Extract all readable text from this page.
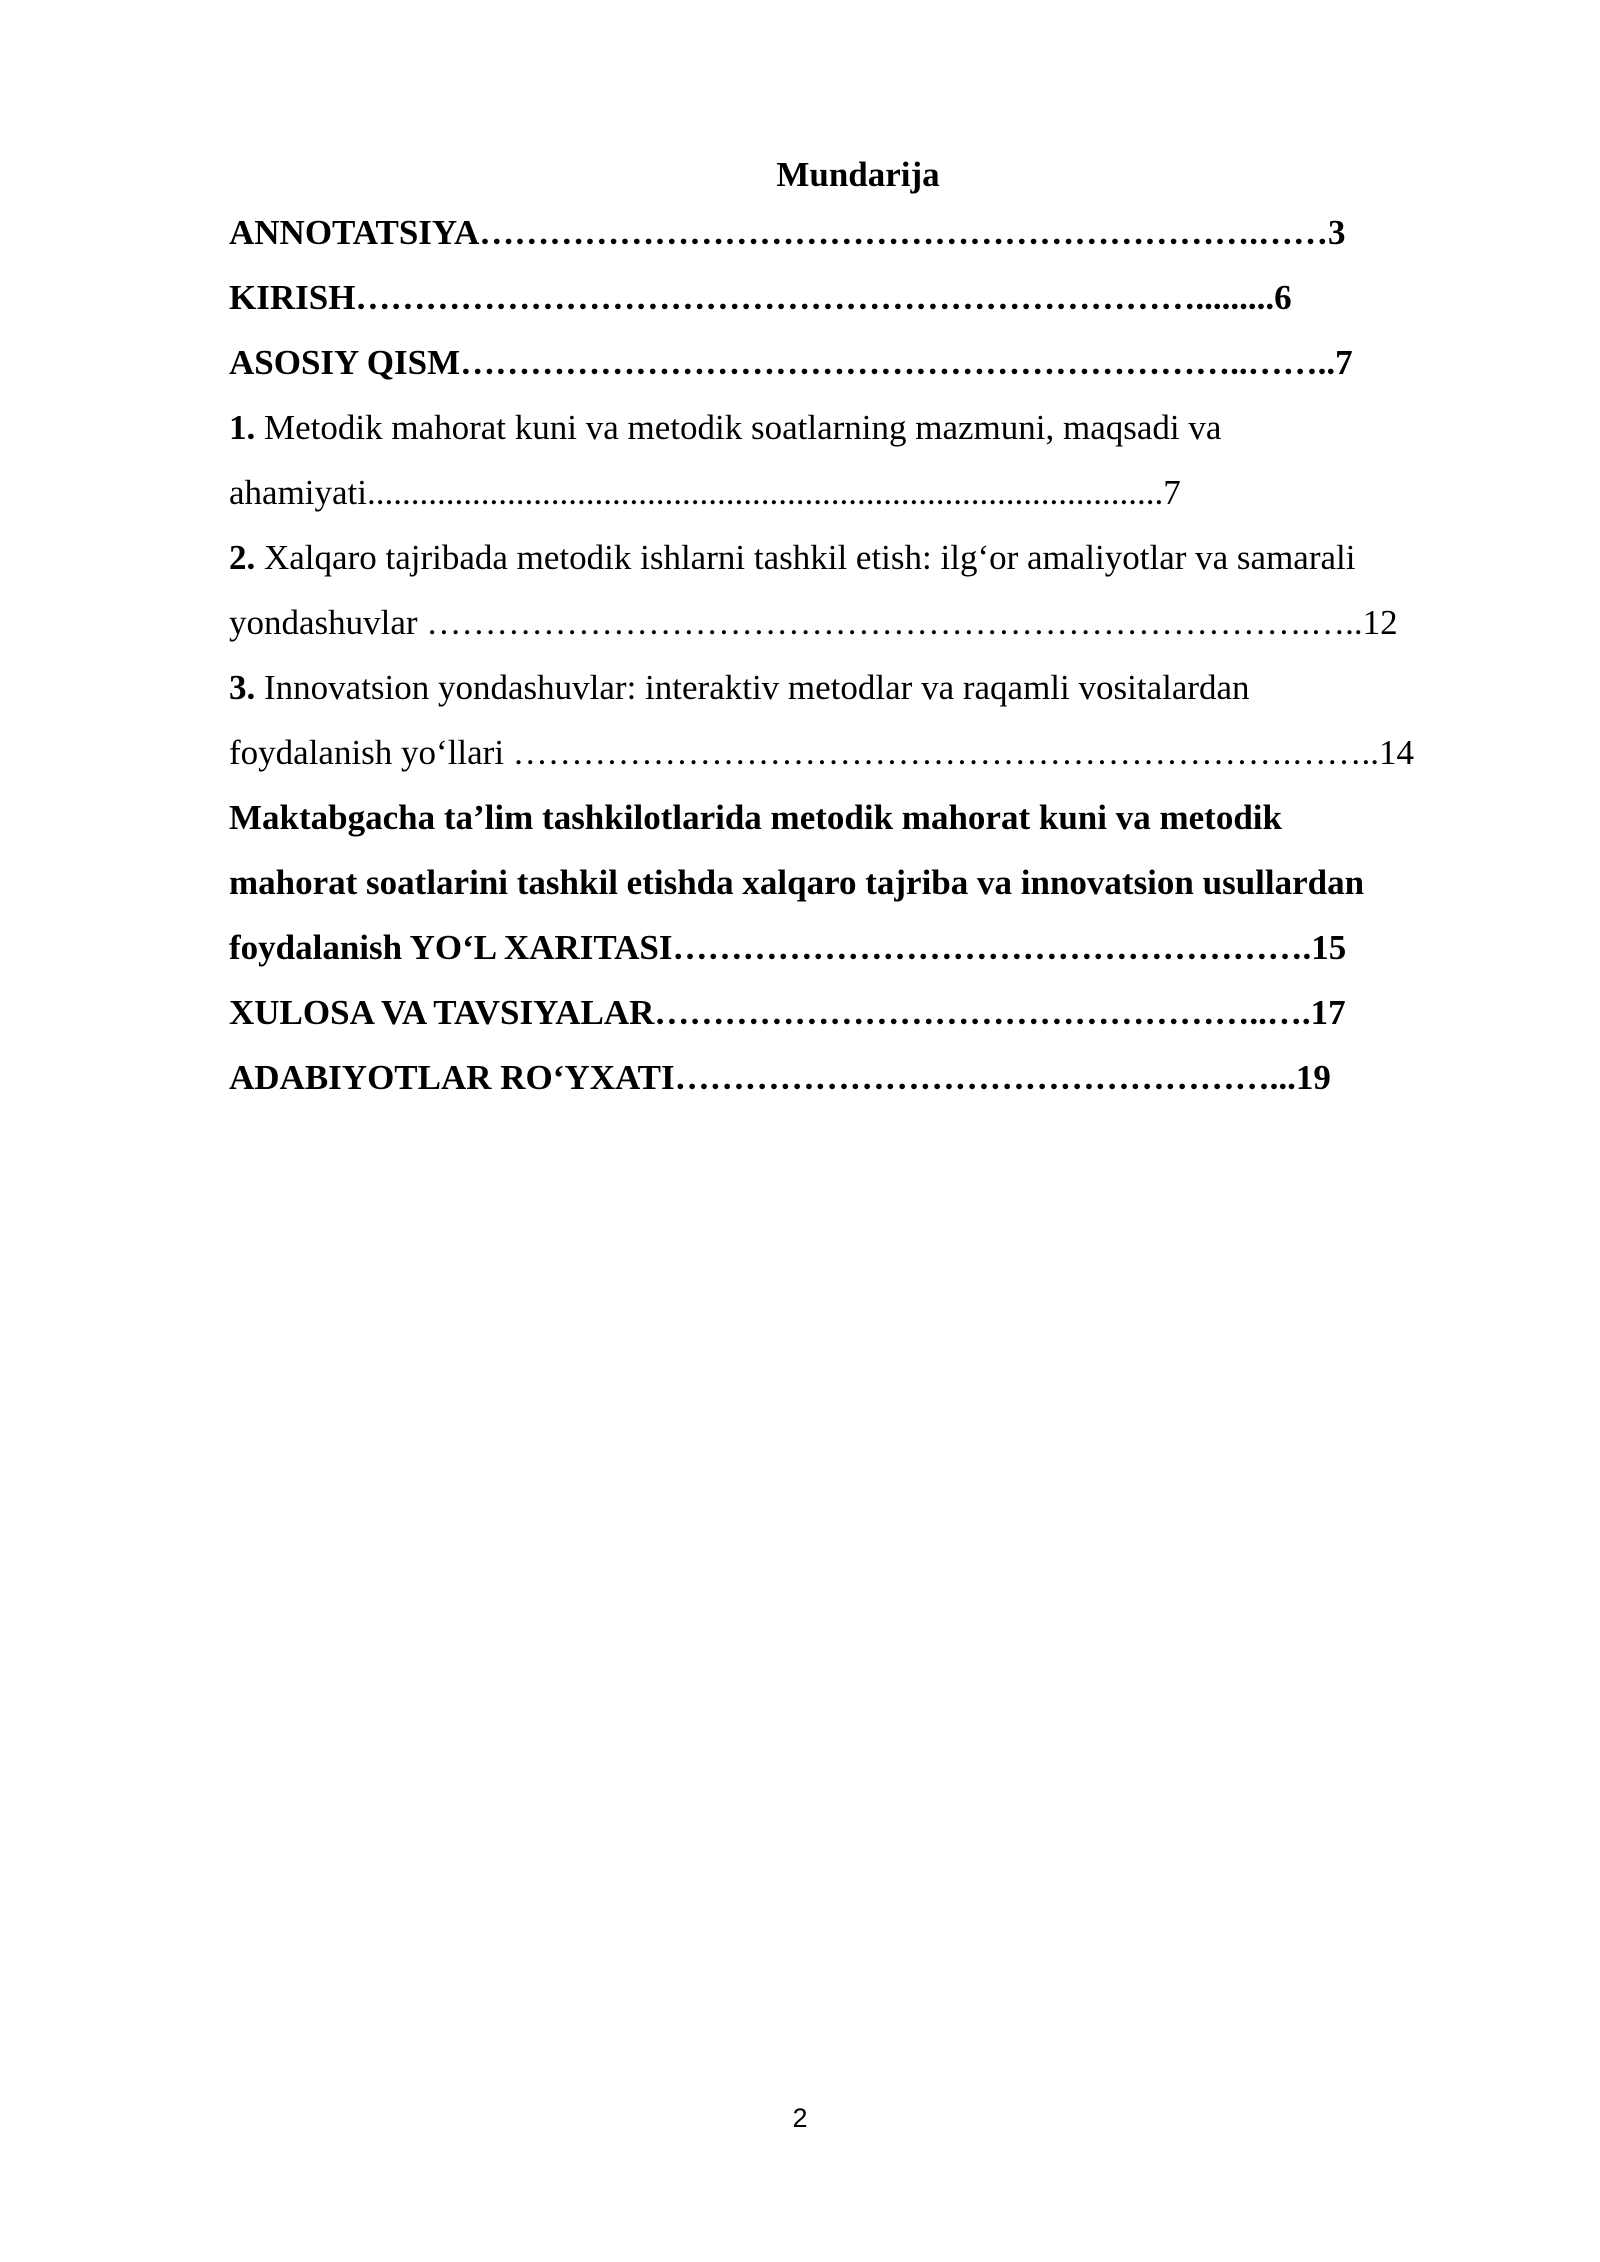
Mundarija
ANNOTATSIYA………………………………………………………….……3
KIRISH……………………………………………………………….........6
ASOSIY QISM…………………………………………………………..……..7
1. Metodik mahorat kuni va metodik soatlarning mazmuni, maqsadi va
ahamiyati...........................................................................................7
2. Xalqaro tajribada metodik ishlarni tashkil etish: ilg‘or amaliyotlar va samarali
yondashuvlar ………………………………………………………………….…..12
3. Innovatsion yondashuvlar: interaktiv metodlar va raqamli vositalardan
foydalanish yo‘llari ………………………………………………………….……..14
Maktabgacha ta’lim tashkilotlarida metodik mahorat kuni va metodik
mahorat soatlarini tashkil etishda xalqaro tajriba va innovatsion usullardan
foydalanish YO‘L XARITASI……………………………………………….15
XULOSA VA TAVSIYALAR……………………………………………..….17
ADABIYOTLAR RO‘YXATI……………………………………………...19
2
